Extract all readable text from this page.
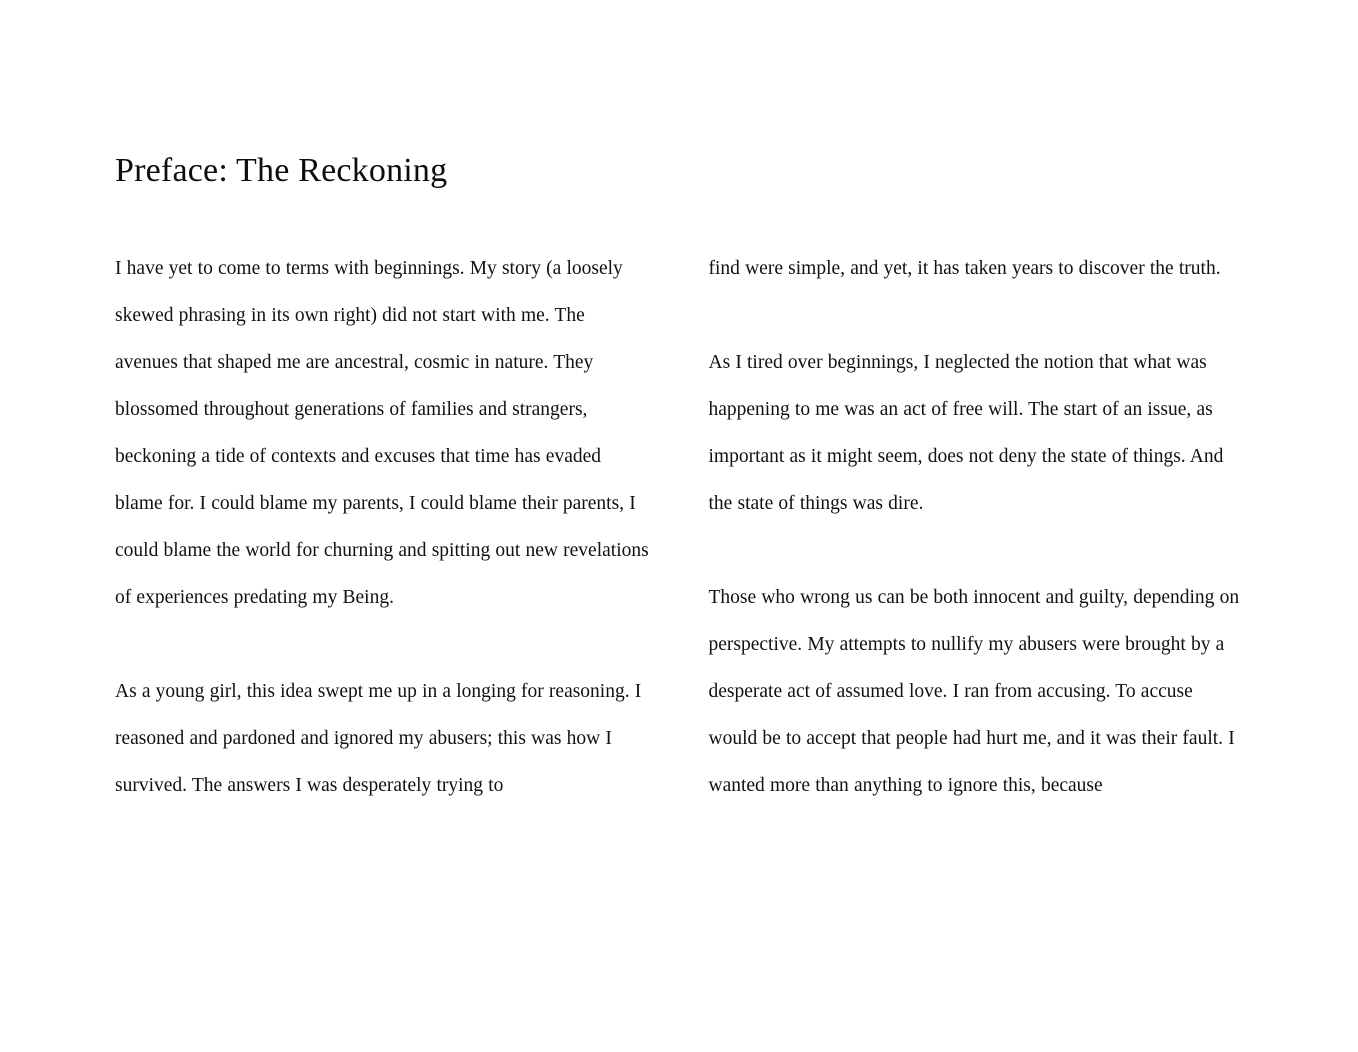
Preface: The Reckoning

I have yet to come to terms with beginnings. My story (a loosely skewed phrasing in its own right) did not start with me. The avenues that shaped me are ancestral, cosmic in nature. They blossomed throughout generations of families and strangers, beckoning a tide of contexts and excuses that time has evaded blame for. I could blame my parents, I could blame their parents, I could blame the world for churning and spitting out new revelations of experiences predating my Being.

As a young girl, this idea swept me up in a longing for reasoning. I reasoned and pardoned and ignored my abusers; this was how I survived. The answers I was desperately trying to

find were simple, and yet, it has taken years to discover the truth.

As I tired over beginnings, I neglected the notion that what was happening to me was an act of free will. The start of an issue, as important as it might seem, does not deny the state of things. And the state of things was dire.

Those who wrong us can be both innocent and guilty, depending on perspective. My attempts to nullify my abusers were brought by a desperate act of assumed love. I ran from accusing. To accuse would be to accept that people had hurt me, and it was their fault. I wanted more than anything to ignore this, because
